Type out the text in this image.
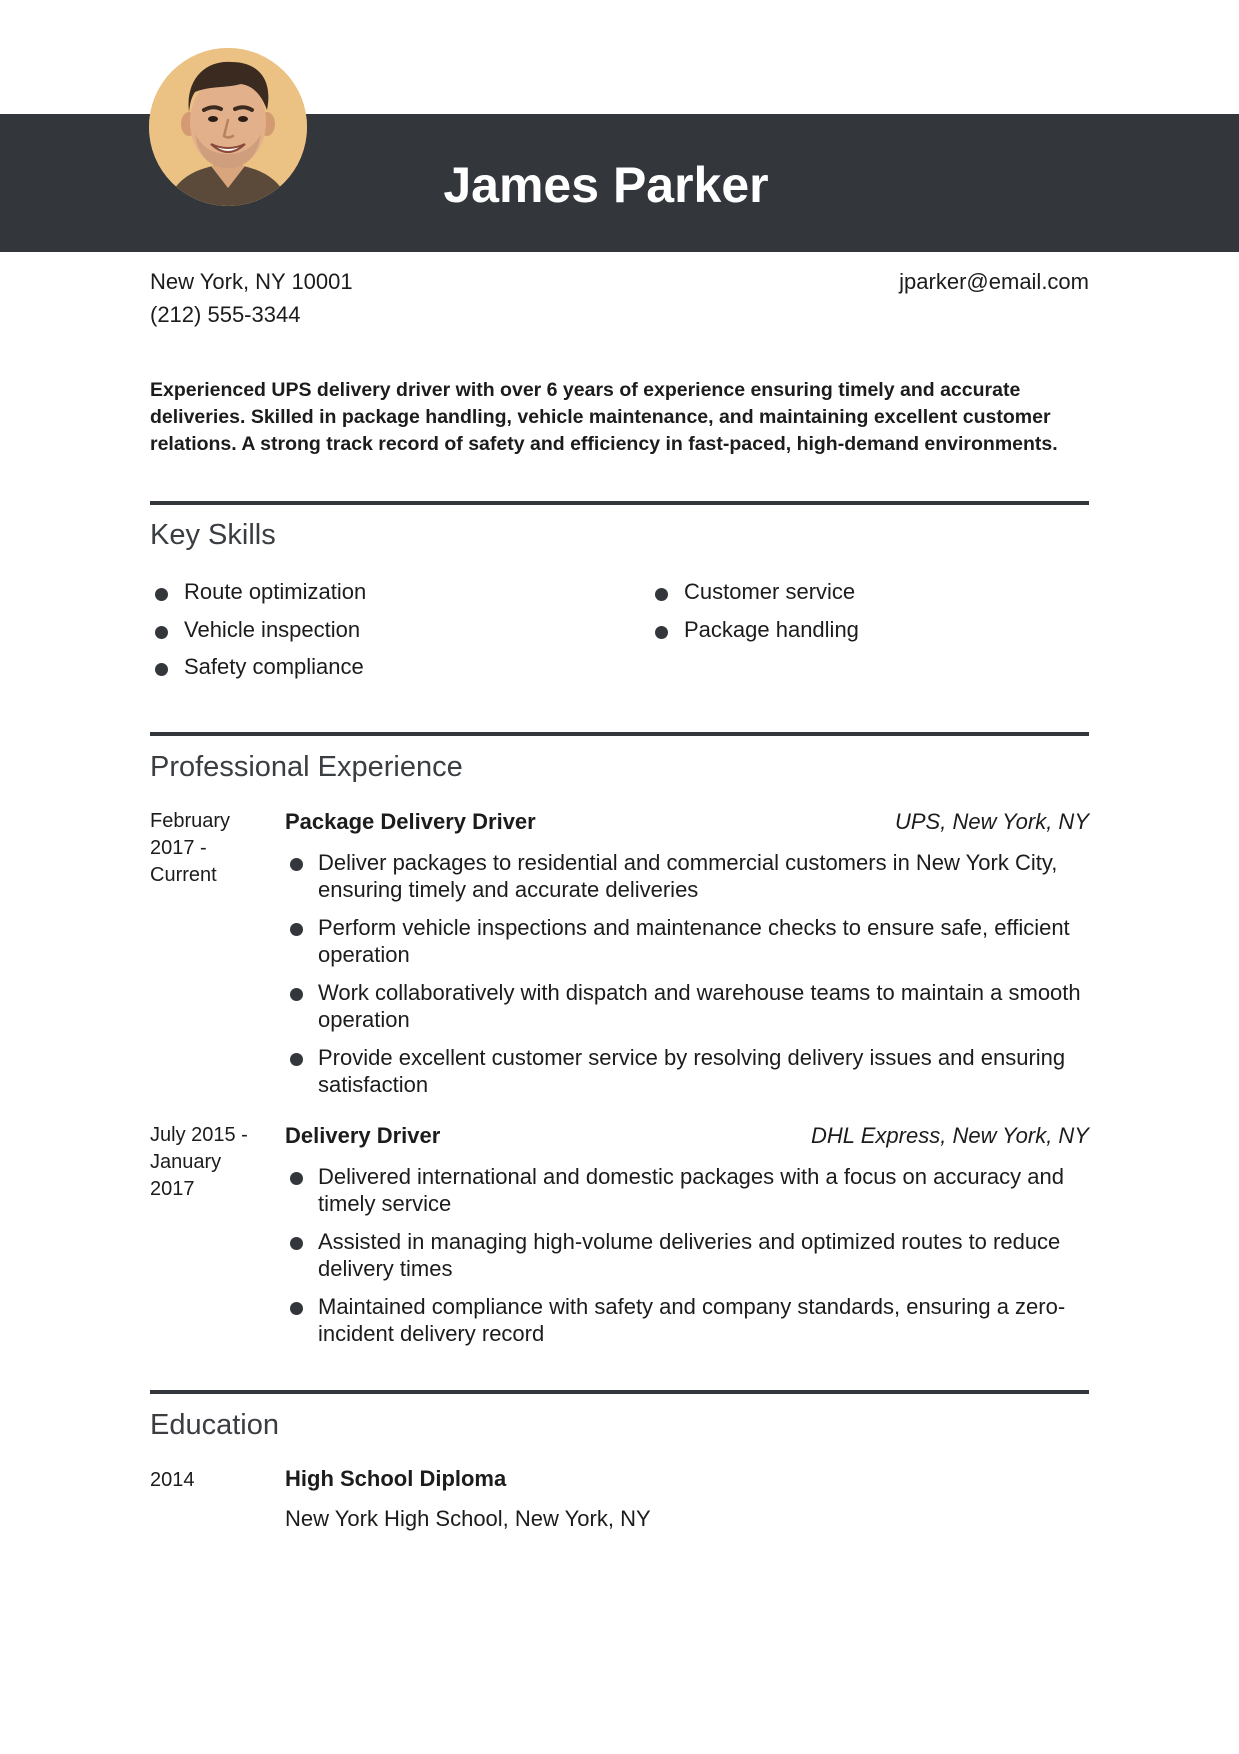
James Parker
New York, NY 10001
(212) 555-3344
jparker@email.com
Experienced UPS delivery driver with over 6 years of experience ensuring timely and accurate deliveries. Skilled in package handling, vehicle maintenance, and maintaining excellent customer relations. A strong track record of safety and efficiency in fast-paced, high-demand environments.
Key Skills
Route optimization
Vehicle inspection
Safety compliance
Customer service
Package handling
Professional Experience
February
2017 -
Current
Package Delivery Driver	UPS, New York, NY
Deliver packages to residential and commercial customers in New York City, ensuring timely and accurate deliveries
Perform vehicle inspections and maintenance checks to ensure safe, efficient operation
Work collaboratively with dispatch and warehouse teams to maintain a smooth operation
Provide excellent customer service by resolving delivery issues and ensuring satisfaction
July 2015 -
January
2017
Delivery Driver	DHL Express, New York, NY
Delivered international and domestic packages with a focus on accuracy and timely service
Assisted in managing high-volume deliveries and optimized routes to reduce delivery times
Maintained compliance with safety and company standards, ensuring a zero-incident delivery record
Education
2014	High School Diploma
New York High School, New York, NY
